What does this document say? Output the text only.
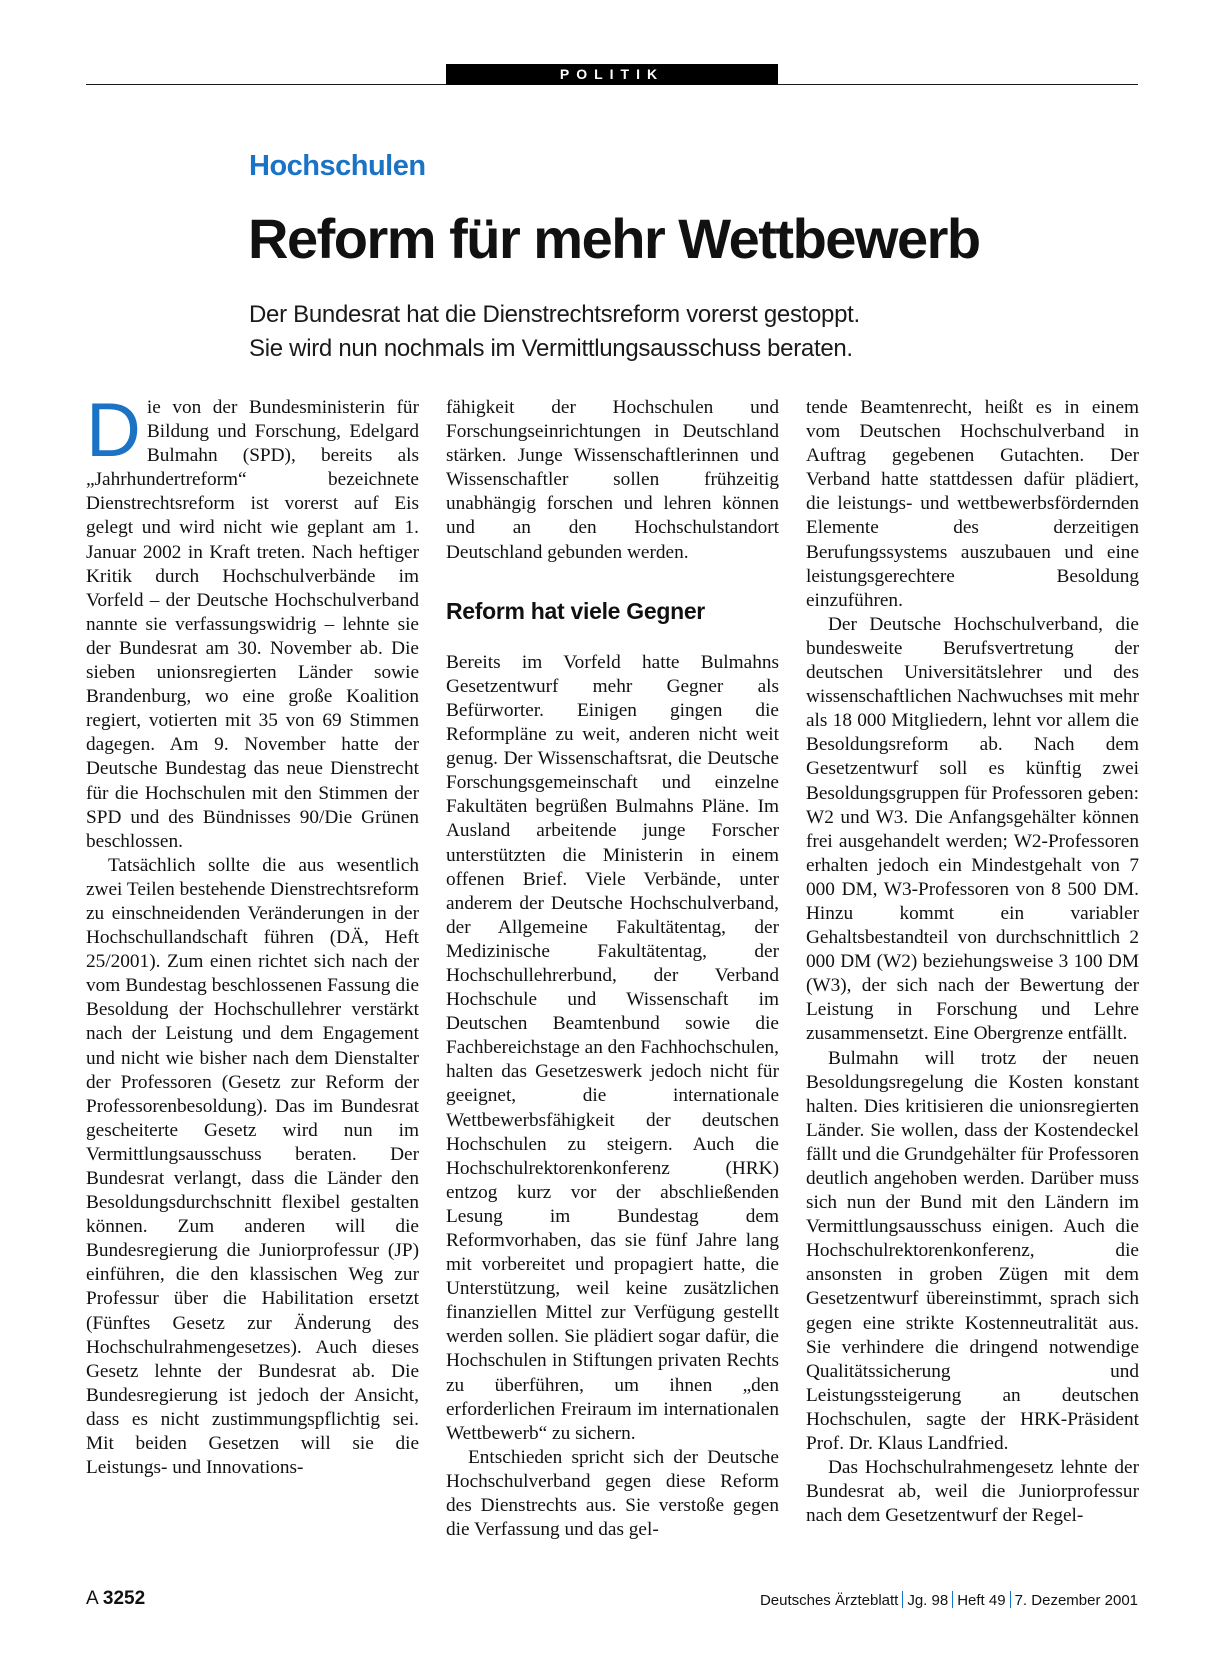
POLITIK
Hochschulen
Reform für mehr Wettbewerb
Der Bundesrat hat die Dienstrechtsreform vorerst gestoppt.
Sie wird nun nochmals im Vermittlungsausschuss beraten.

Die von der Bundesministerin für Bildung und Forschung, Edelgard Bulmahn (SPD), bereits als „Jahrhundertreform“ bezeichnete Dienstrechtsreform ist vorerst auf Eis gelegt und wird nicht wie geplant am 1. Januar 2002 in Kraft treten. Nach heftiger Kritik durch Hochschulverbände im Vorfeld – der Deutsche Hochschulverband nannte sie verfassungswidrig – lehnte sie der Bundesrat am 30. November ab. Die sieben unionsregierten Länder sowie Brandenburg, wo eine große Koalition regiert, votierten mit 35 von 69 Stimmen dagegen. Am 9. November hatte der Deutsche Bundestag das neue Dienstrecht für die Hochschulen mit den Stimmen der SPD und des Bündnisses 90/Die Grünen beschlossen.

Tatsächlich sollte die aus wesentlich zwei Teilen bestehende Dienstrechtsreform zu einschneidenden Veränderungen in der Hochschullandschaft führen (DÄ, Heft 25/2001). Zum einen richtet sich nach der vom Bundestag beschlossenen Fassung die Besoldung der Hochschullehrer verstärkt nach der Leistung und dem Engagement und nicht wie bisher nach dem Dienstalter der Professoren (Gesetz zur Reform der Professorenbesoldung). Das im Bundesrat gescheiterte Gesetz wird nun im Vermittlungsausschuss beraten. Der Bundesrat verlangt, dass die Länder den Besoldungsdurchschnitt flexibel gestalten können. Zum anderen will die Bundesregierung die Juniorprofessur (JP) einführen, die den klassischen Weg zur Professur über die Habilitation ersetzt (Fünftes Gesetz zur Änderung des Hochschulrahmengesetzes). Auch dieses Gesetz lehnte der Bundesrat ab. Die Bundesregierung ist jedoch der Ansicht, dass es nicht zustimmungspflichtig sei. Mit beiden Gesetzen will sie die Leistungs- und Innovations-

fähigkeit der Hochschulen und Forschungseinrichtungen in Deutschland stärken. Junge Wissenschaftlerinnen und Wissenschaftler sollen frühzeitig unabhängig forschen und lehren können und an den Hochschulstandort Deutschland gebunden werden.

Reform hat viele Gegner

Bereits im Vorfeld hatte Bulmahns Gesetzentwurf mehr Gegner als Befürworter. Einigen gingen die Reformpläne zu weit, anderen nicht weit genug. Der Wissenschaftsrat, die Deutsche Forschungsgemeinschaft und einzelne Fakultäten begrüßen Bulmahns Pläne. Im Ausland arbeitende junge Forscher unterstützten die Ministerin in einem offenen Brief. Viele Verbände, unter anderem der Deutsche Hochschulverband, der Allgemeine Fakultätentag, der Medizinische Fakultätentag, der Hochschullehrerbund, der Verband Hochschule und Wissenschaft im Deutschen Beamtenbund sowie die Fachbereichstage an den Fachhochschulen, halten das Gesetzeswerk jedoch nicht für geeignet, die internationale Wettbewerbsfähigkeit der deutschen Hochschulen zu steigern. Auch die Hochschulrektorenkonferenz (HRK) entzog kurz vor der abschließenden Lesung im Bundestag dem Reformvorhaben, das sie fünf Jahre lang mit vorbereitet und propagiert hatte, die Unterstützung, weil keine zusätzlichen finanziellen Mittel zur Verfügung gestellt werden sollen. Sie plädiert sogar dafür, die Hochschulen in Stiftungen privaten Rechts zu überführen, um ihnen „den erforderlichen Freiraum im internationalen Wettbewerb“ zu sichern.

Entschieden spricht sich der Deutsche Hochschulverband gegen diese Reform des Dienstrechts aus. Sie verstoße gegen die Verfassung und das gel-

tende Beamtenrecht, heißt es in einem vom Deutschen Hochschulverband in Auftrag gegebenen Gutachten. Der Verband hatte stattdessen dafür plädiert, die leistungs- und wettbewerbsfördernden Elemente des derzeitigen Berufungssystems auszubauen und eine leistungsgerechtere Besoldung einzuführen.

Der Deutsche Hochschulverband, die bundesweite Berufsvertretung der deutschen Universitätslehrer und des wissenschaftlichen Nachwuchses mit mehr als 18 000 Mitgliedern, lehnt vor allem die Besoldungsreform ab. Nach dem Gesetzentwurf soll es künftig zwei Besoldungsgruppen für Professoren geben: W2 und W3. Die Anfangsgehälter können frei ausgehandelt werden; W2-Professoren erhalten jedoch ein Mindestgehalt von 7 000 DM, W3-Professoren von 8 500 DM. Hinzu kommt ein variabler Gehaltsbestandteil von durchschnittlich 2 000 DM (W2) beziehungsweise 3 100 DM (W3), der sich nach der Bewertung der Leistung in Forschung und Lehre zusammensetzt. Eine Obergrenze entfällt.

Bulmahn will trotz der neuen Besoldungsregelung die Kosten konstant halten. Dies kritisieren die unionsregierten Länder. Sie wollen, dass der Kostendeckel fällt und die Grundgehälter für Professoren deutlich angehoben werden. Darüber muss sich nun der Bund mit den Ländern im Vermittlungsausschuss einigen. Auch die Hochschulrektorenkonferenz, die ansonsten in groben Zügen mit dem Gesetzentwurf übereinstimmt, sprach sich gegen eine strikte Kostenneutralität aus. Sie verhindere die dringend notwendige Qualitätssicherung und Leistungssteigerung an deutschen Hochschulen, sagte der HRK-Präsident Prof. Dr. Klaus Landfried.

Das Hochschulrahmengesetz lehnte der Bundesrat ab, weil die Juniorprofessur nach dem Gesetzentwurf der Regel-

A 3252	Deutsches Ärzteblatt Jg. 98 Heft 49 7. Dezember 2001
